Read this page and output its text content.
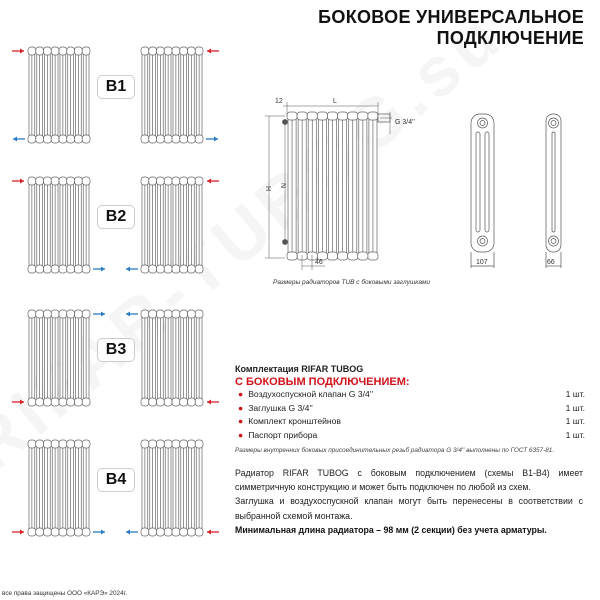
БОКОВОЕ УНИВЕРСАЛЬНОЕ
ПОДКЛЮЧЕНИЕ
B1
B2
B3
B4
12	L
G 3/4''
H
N
46	107	66
Размеры радиаторов TUB с боковыми заглушками
Комплектация RIFAR TUBOG
С БОКОВЫМ ПОДКЛЮЧЕНИЕМ:
● Воздухоспускной клапан G 3/4''	1 шт.
● Заглушка G 3/4''	1 шт.
● Комплект кронштейнов	1 шт.
● Паспорт прибора	1 шт.
Размеры внутренних боковых присоединительных резьб радиатора G 3/4'' выполнены по ГОСТ 6357-81.
Радиатор RIFAR TUBOG с боковым подключением (схемы B1-B4) имеет симметричную конструкцию и может быть подключен по любой из схем.
Заглушка и воздухоспускной клапан могут быть перенесены в соответствии с выбранной схемой монтажа.
Минимальная длина радиатора – 98 мм (2 секции) без учета арматуры.
все права защищены ООО «КАРЭ» 2024г.
